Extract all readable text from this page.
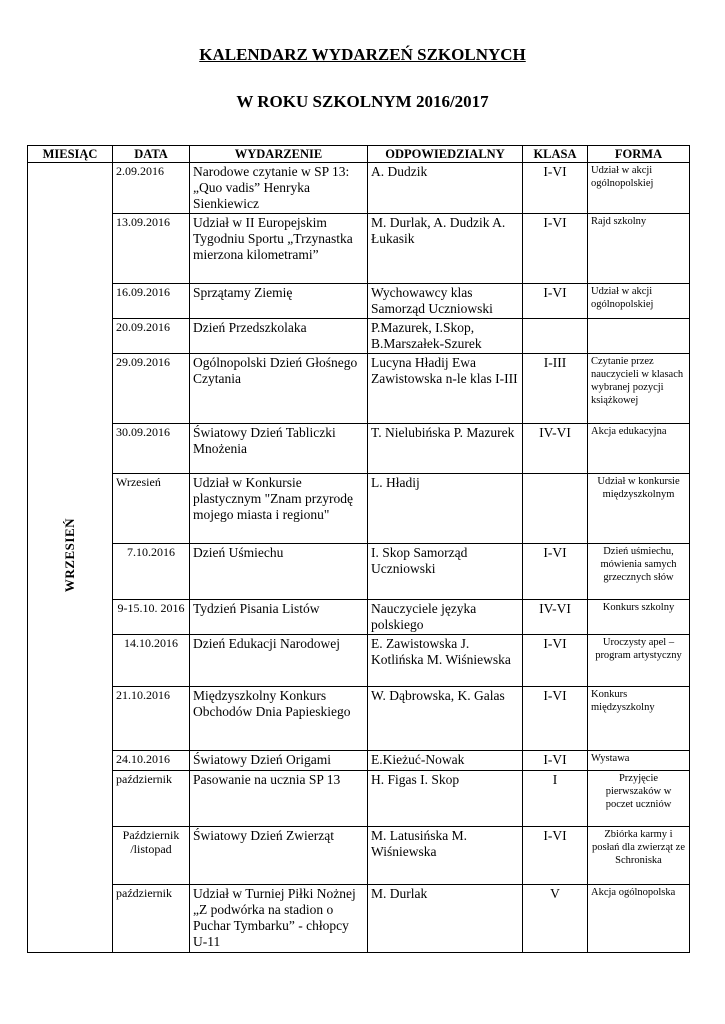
KALENDARZ WYDARZEŃ SZKOLNYCH
W ROKU SZKOLNYM 2016/2017
MIESIĄC	DATA	WYDARZENIE	ODPOWIEDZIALNY	KLASA	FORMA
WRZESIEŃ	2.09.2016	Narodowe czytanie w SP 13: „Quo vadis” Henryka Sienkiewicz	A. Dudzik	I-VI	Udział w akcji ogólnopolskiej
	13.09.2016	Udział w II Europejskim Tygodniu Sportu „Trzynastka mierzona kilometrami”	M. Durlak, A. Dudzik A. Łukasik	I-VI	Rajd szkolny
	16.09.2016	Sprzątamy Ziemię	Wychowawcy klas Samorząd Uczniowski	I-VI	Udział w akcji ogólnopolskiej
	20.09.2016	Dzień Przedszkolaka	P.Mazurek, I.Skop, B.Marszałek-Szurek		
	29.09.2016	Ogólnopolski Dzień Głośnego Czytania	Lucyna Hładij Ewa Zawistowska n-le klas I-III	I-III	Czytanie przez nauczycieli w klasach wybranej pozycji książkowej
	30.09.2016	Światowy Dzień Tabliczki Mnożenia	T. Nielubińska P. Mazurek	IV-VI	Akcja edukacyjna
	Wrzesień	Udział w Konkursie plastycznym "Znam przyrodę mojego miasta i regionu"	L. Hładij		Udział w konkursie międzyszkolnym
	7.10.2016	Dzień Uśmiechu	I. Skop Samorząd Uczniowski	I-VI	Dzień uśmiechu, mówienia samych grzecznych słów
	9-15.10. 2016	Tydzień Pisania Listów	Nauczyciele języka polskiego	IV-VI	Konkurs szkolny
	14.10.2016	Dzień Edukacji Narodowej	E. Zawistowska J. Kotlińska M. Wiśniewska	I-VI	Uroczysty apel – program artystyczny
	21.10.2016	Międzyszkolny Konkurs Obchodów Dnia Papieskiego	W. Dąbrowska, K. Galas	I-VI	Konkurs międzyszkolny
	24.10.2016	Światowy Dzień Origami	E.Kieżuć-Nowak	I-VI	Wystawa
	październik	Pasowanie na ucznia SP 13	H. Figas I. Skop	I	Przyjęcie pierwszaków w poczet uczniów
	Październik /listopad	Światowy Dzień Zwierząt	M. Latusińska M. Wiśniewska	I-VI	Zbiórka karmy i posłań dla zwierząt ze Schroniska
	październik	Udział w Turniej Piłki Nożnej „Z podwórka na stadion o Puchar Tymbarku” - chłopcy U-11	M. Durlak	V	Akcja ogólnopolska
